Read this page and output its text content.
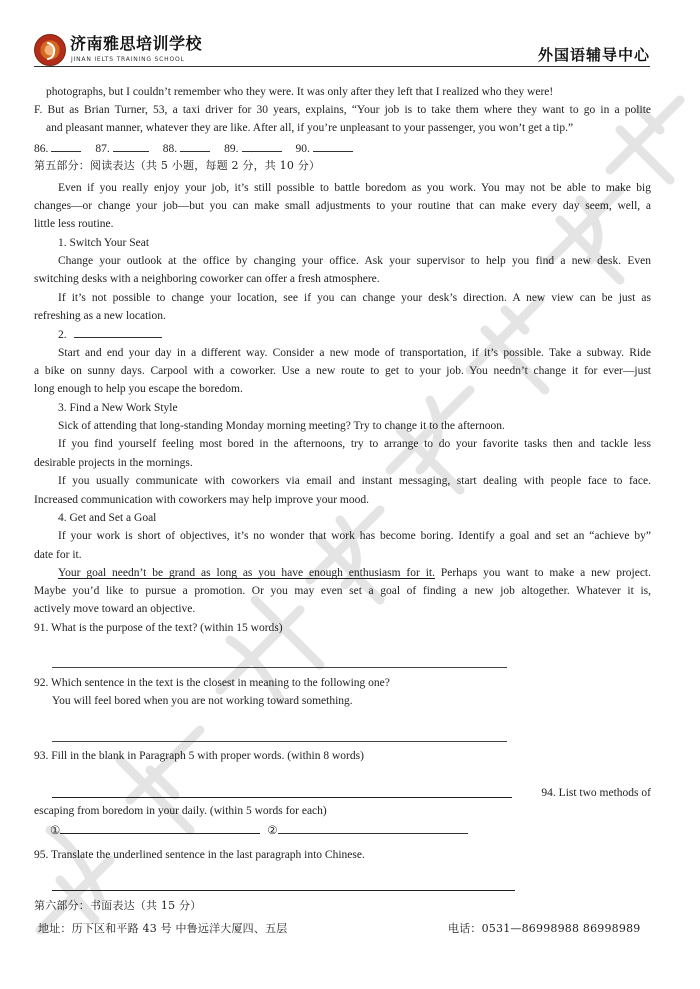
济南雅思培训学校
JINAN IELTS TRAINING SCHOOL	外国语辅导中心
photographs, but I couldn’t remember who they were. It was only after they left that I realized who they were!
F. But as Brian Turner, 53, a taxi driver for 30 years, explains, “Your job is to take them where they want to go in a polite
and pleasant manner, whatever they are like. After all, if you’re unpleasant to your passenger, you won’t get a tip.”
86.	87.	88.	89.	90.
第五部分：阅读表达（共 5 小题，每题 2 分，共 10 分）
Even if you really enjoy your job, it’s still possible to battle boredom as you work. You may not be able to make big
changes—or change your job—but you can make small adjustments to your routine that can make every day seem, well, a
little less routine.
1. Switch Your Seat
Change your outlook at the office by changing your office. Ask your supervisor to help you find a new desk. Even
switching desks with a neighboring coworker can offer a fresh atmosphere.
If it’s not possible to change your location, see if you can change your desk’s direction. A new view can be just as
refreshing as a new location.
2.
Start and end your day in a different way. Consider a new mode of transportation, if it’s possible. Take a subway. Ride
a bike on sunny days. Carpool with a coworker. Use a new route to get to your job. You needn’t change it for ever—just
long enough to help you escape the boredom.
3. Find a New Work Style
Sick of attending that long-standing Monday morning meeting? Try to change it to the afternoon.
If you find yourself feeling most bored in the afternoons, try to arrange to do your favorite tasks then and tackle less
desirable projects in the mornings.
If you usually communicate with coworkers via email and instant messaging, start dealing with people face to face.
Increased communication with coworkers may help improve your mood.
4. Get and Set a Goal
If your work is short of objectives, it’s no wonder that work has become boring. Identify a goal and set an “achieve by”
date for it.
Your goal needn’t be grand as long as you have enough enthusiasm for it. Perhaps you want to make a new project.
Maybe you’d like to pursue a promotion. Or you may even set a goal of finding a new job altogether. Whatever it is,
actively move toward an objective.
91. What is the purpose of the text? (within 15 words)
92. Which sentence in the text is the closest in meaning to the following one?
You will feel bored when you are not working toward something.
93. Fill in the blank in Paragraph 5 with proper words. (within 8 words)
94. List two methods of
escaping from boredom in your daily. (within 5 words for each)
①	②
95. Translate the underlined sentence in the last paragraph into Chinese.
第六部分：书面表达（共 15 分）
地址：历下区和平路 43 号 中鲁远洋大厦四、五层	电话：0531—86998988 86998989
